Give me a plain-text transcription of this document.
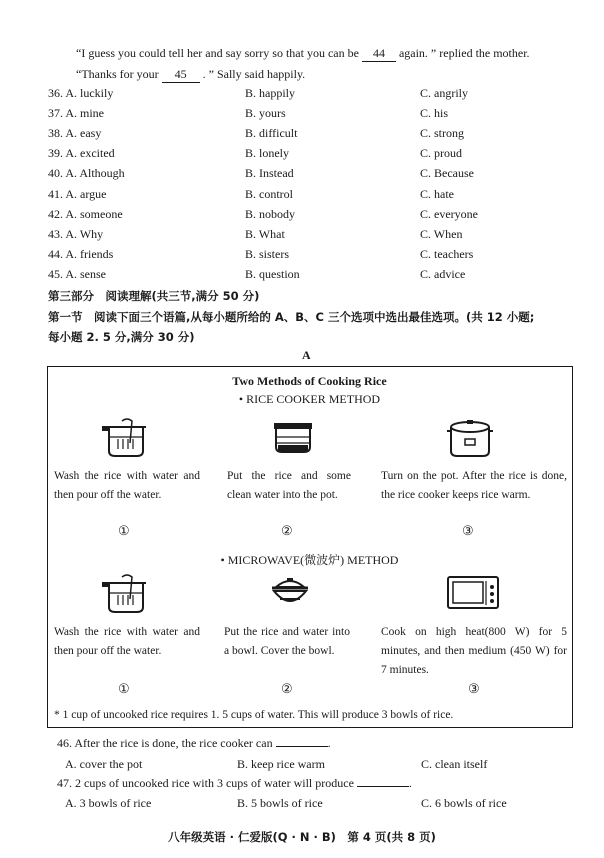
“I guess you could tell her and say sorry so that you can be 44 again. ” replied the mother.
“Thanks for your 45 . ” Sally said happily.
36. A. luckily	B. happily	C. angrily
37. A. mine	B. yours	C. his
38. A. easy	B. difficult	C. strong
39. A. excited	B. lonely	C. proud
40. A. Although	B. Instead	C. Because
41. A. argue	B. control	C. hate
42. A. someone	B. nobody	C. everyone
43. A. Why	B. What	C. When
44. A. friends	B. sisters	C. teachers
45. A. sense	B. question	C. advice
第三部分　阅读理解(共三节,满分 50 分)
第一节　阅读下面三个语篇,从每小题所给的 A、B、C 三个选项中选出最佳选项。(共 12 小题;
每小题 2. 5 分,满分 30 分)
A
Two Methods of Cooking Rice
• RICE COOKER METHOD
Wash the rice with water and then pour off the water.
Put the rice and some clean water into the pot.
Turn on the pot. After the rice is done, the rice cooker keeps rice warm.
①	②	③
• MICROWAVE(微波炉) METHOD
Wash the rice with water and then pour off the water.
Put the rice and water into a bowl. Cover the bowl.
Cook on high heat(800 W) for 5 minutes, and then medium (450 W) for 7 minutes.
①	②	③
* 1 cup of uncooked rice requires 1. 5 cups of water. This will produce 3 bowls of rice.
46. After the rice is done, the rice cooker can	.
A. cover the pot	B. keep rice warm	C. clean itself
47. 2 cups of uncooked rice with 3 cups of water will produce	.
A. 3 bowls of rice	B. 5 bowls of rice	C. 6 bowls of rice
八年级英语 · 仁爱版(Q · N · B)　第 4 页(共 8 页)
